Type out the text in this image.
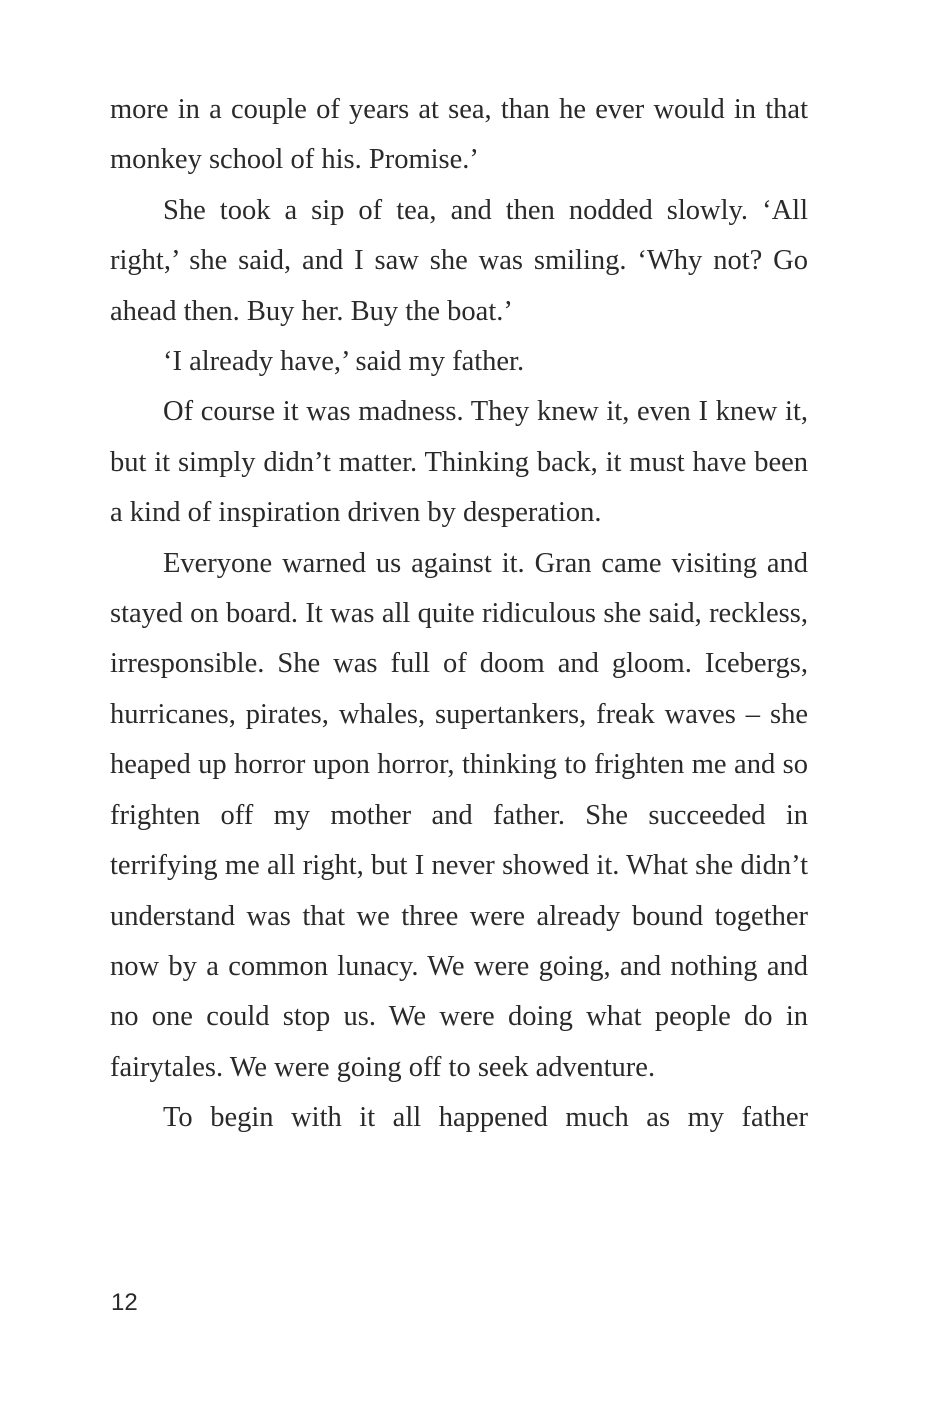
more in a couple of years at sea, than he ever would in that monkey school of his. Promise.’

She took a sip of tea, and then nodded slowly. ‘All right,’ she said, and I saw she was smiling. ‘Why not? Go ahead then. Buy her. Buy the boat.’

‘I already have,’ said my father.

Of course it was madness. They knew it, even I knew it, but it simply didn’t matter. Thinking back, it must have been a kind of inspiration driven by desperation.

Everyone warned us against it. Gran came visiting and stayed on board. It was all quite ridiculous she said, reckless, irresponsible. She was full of doom and gloom. Icebergs, hurricanes, pirates, whales, supertankers, freak waves – she heaped up horror upon horror, thinking to frighten me and so frighten off my mother and father. She succeeded in terrifying me all right, but I never showed it. What she didn’t understand was that we three were already bound together now by a common lunacy. We were going, and nothing and no one could stop us. We were doing what people do in fairytales. We were going off to seek adventure.

To begin with it all happened much as my father

12
